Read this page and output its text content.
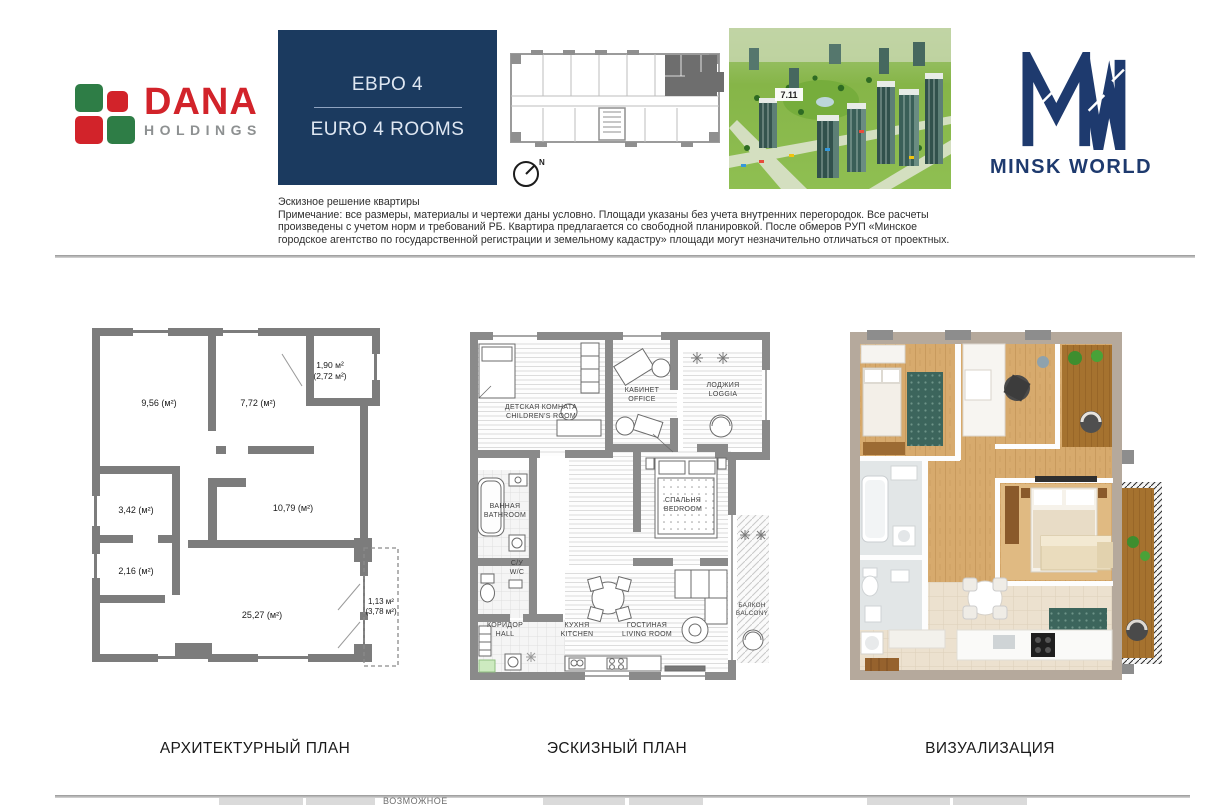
DANA
HOLDINGS
ЕВРО 4
EURO 4 ROOMS
N
7.11
MINSK WORLD
Эскизное решение квартиры
Примечание: все размеры, материалы и чертежи даны условно. Площади указаны без учета внутренних перегородок. Все расчеты произведены с учетом норм и требований РБ. Квартира предлагается со свободной планировкой. После обмеров РУП «Минское городское агентство по государственной регистрации и земельному кадастру» площади могут незначительно отличаться от проектных.
9,56 (м²)	7,72 (м²)
1,90 м²
(2,72 м²)
3,42 (м²)	10,79 (м²)
2,16 (м²)
25,27 (м²)
1,13 м²
(3,78 м²)
ДЕТСКАЯ КОМНАТА
CHILDREN'S ROOM
КАБИНЕТ
OFFICE
ЛОДЖИЯ
LOGGIA
ВАННАЯ
BATHROOM
С/У
W/C
СПАЛЬНЯ
BEDROOM
КОРИДОР
HALL
КУХНЯ
KITCHEN
ГОСТИНАЯ
LIVING ROOM
БАЛКОН
BALCONY
АРХИТЕКТУРНЫЙ ПЛАН	ЭСКИЗНЫЙ ПЛАН	ВИЗУАЛИЗАЦИЯ
ВОЗМОЖНОЕ
